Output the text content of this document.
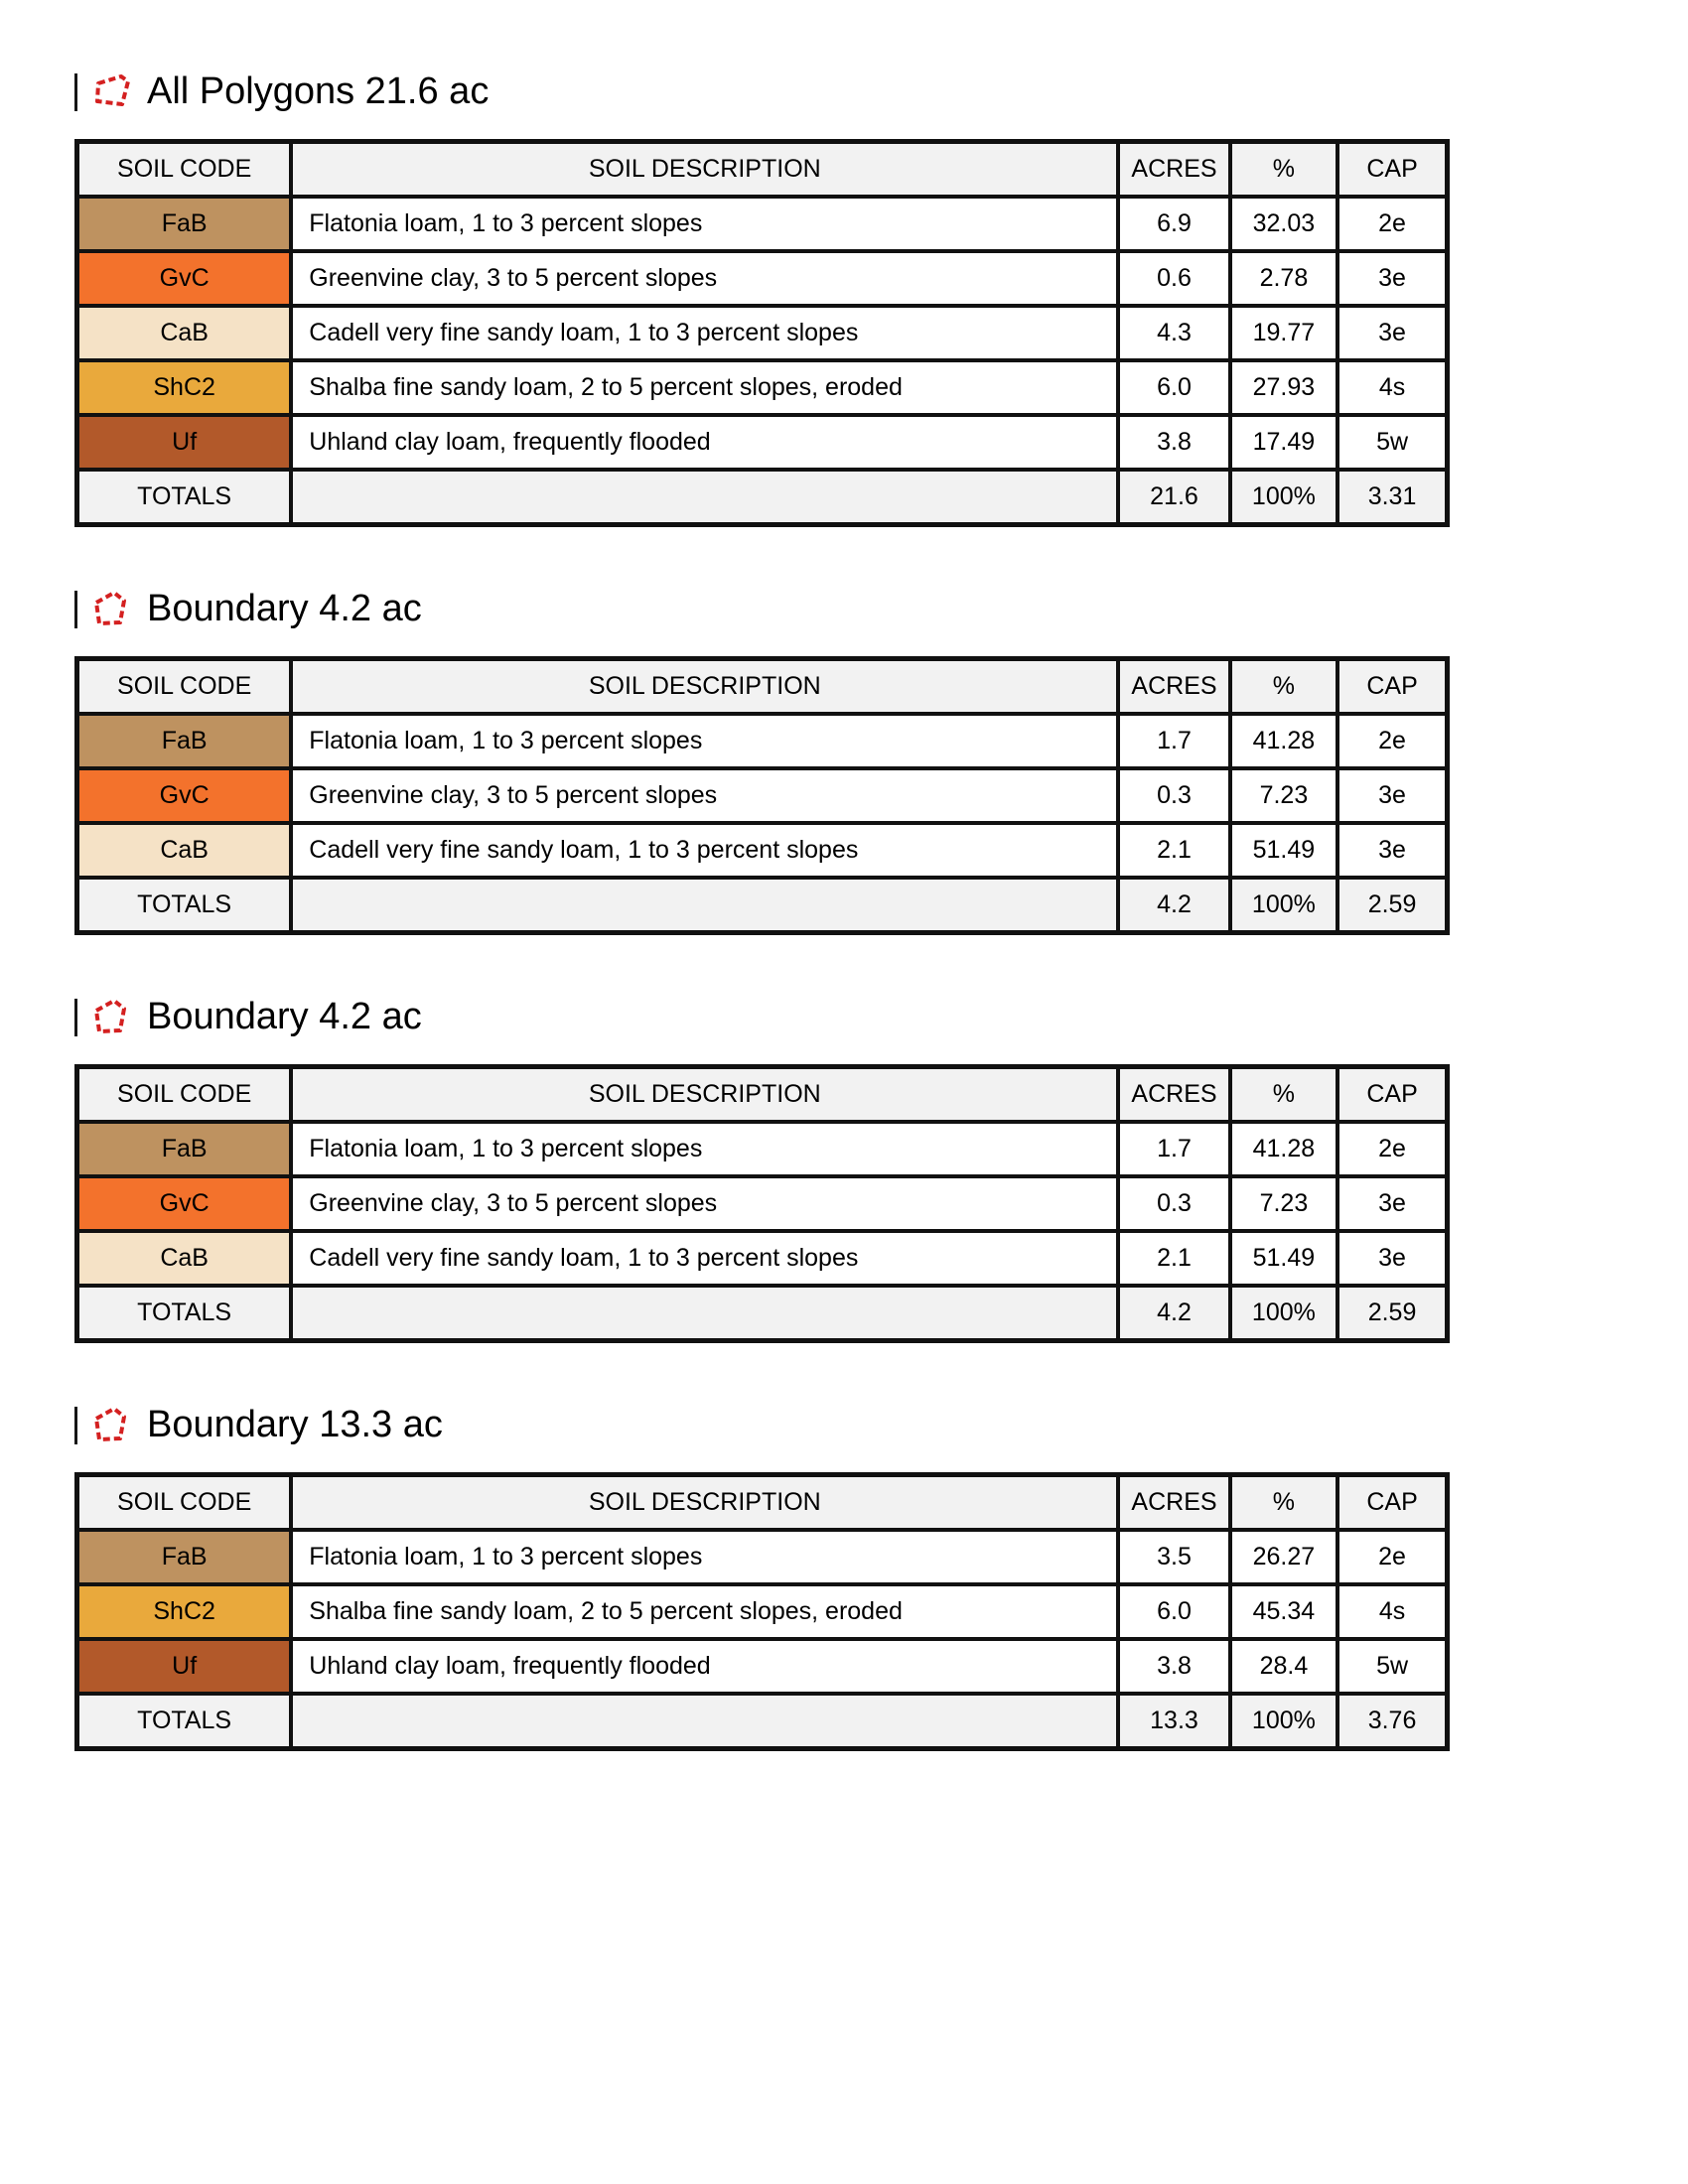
All Polygons 21.6 ac
SOIL CODE	SOIL DESCRIPTION	ACRES	%	CAP
FaB	Flatonia loam, 1 to 3 percent slopes	6.9	32.03	2e
GvC	Greenvine clay, 3 to 5 percent slopes	0.6	2.78	3e
CaB	Cadell very fine sandy loam, 1 to 3 percent slopes	4.3	19.77	3e
ShC2	Shalba fine sandy loam, 2 to 5 percent slopes, eroded	6.0	27.93	4s
Uf	Uhland clay loam, frequently flooded	3.8	17.49	5w
TOTALS		21.6	100%	3.31
Boundary 4.2 ac
SOIL CODE	SOIL DESCRIPTION	ACRES	%	CAP
FaB	Flatonia loam, 1 to 3 percent slopes	1.7	41.28	2e
GvC	Greenvine clay, 3 to 5 percent slopes	0.3	7.23	3e
CaB	Cadell very fine sandy loam, 1 to 3 percent slopes	2.1	51.49	3e
TOTALS		4.2	100%	2.59
Boundary 4.2 ac
SOIL CODE	SOIL DESCRIPTION	ACRES	%	CAP
FaB	Flatonia loam, 1 to 3 percent slopes	1.7	41.28	2e
GvC	Greenvine clay, 3 to 5 percent slopes	0.3	7.23	3e
CaB	Cadell very fine sandy loam, 1 to 3 percent slopes	2.1	51.49	3e
TOTALS		4.2	100%	2.59
Boundary 13.3 ac
SOIL CODE	SOIL DESCRIPTION	ACRES	%	CAP
FaB	Flatonia loam, 1 to 3 percent slopes	3.5	26.27	2e
ShC2	Shalba fine sandy loam, 2 to 5 percent slopes, eroded	6.0	45.34	4s
Uf	Uhland clay loam, frequently flooded	3.8	28.4	5w
TOTALS		13.3	100%	3.76
